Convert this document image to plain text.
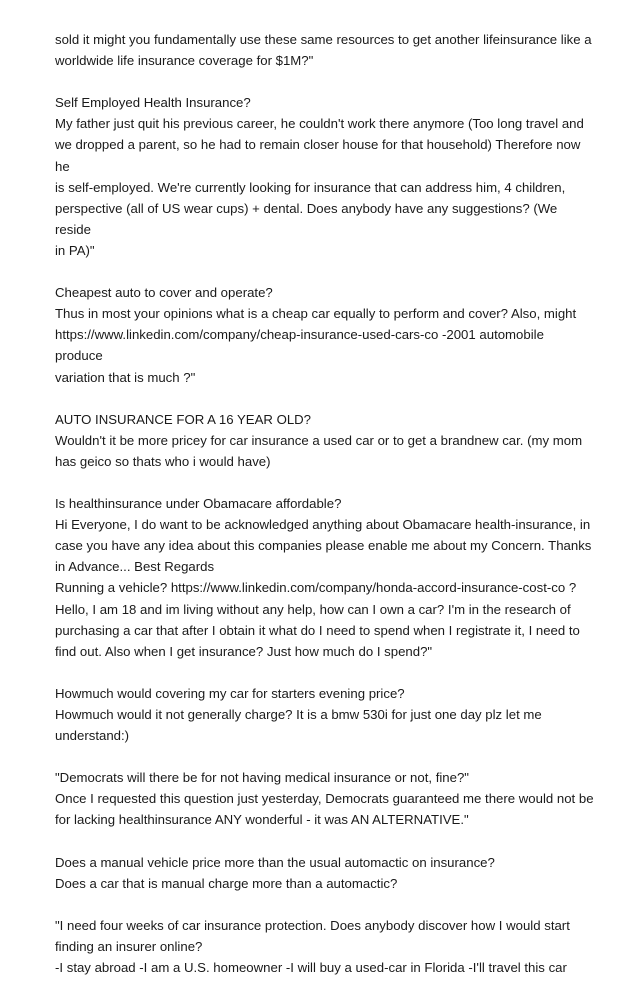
sold it might you fundamentally use these same resources to get another lifeinsurance like a

worldwide life insurance coverage for $1M?"

Self Employed Health Insurance?

My father just quit his previous career, he couldn't work there anymore (Too long travel and

we dropped a parent, so he had to remain closer house for that household) Therefore now he

is self-employed. We're currently looking for insurance that can address him, 4 children,

perspective (all of US wear cups) + dental. Does anybody have any suggestions? (We reside

in PA)"

Cheapest auto to cover and operate?

Thus in most your opinions what is a cheap car equally to perform and cover? Also, might

https://www.linkedin.com/company/cheap-insurance-used-cars-co -2001 automobile produce

variation that is much ?"

AUTO INSURANCE FOR A 16 YEAR OLD?

Wouldn't it be more pricey for car insurance a used car or to get a brandnew car. (my mom

has geico so thats who i would have)

Is healthinsurance under Obamacare affordable?

Hi Everyone, I do want to be acknowledged anything about Obamacare health-insurance, in

case you have any idea about this companies please enable me about my Concern. Thanks

in Advance... Best Regards

Running a vehicle? https://www.linkedin.com/company/honda-accord-insurance-cost-co ?

Hello, I am 18 and im living without any help, how can I own a car? I'm in the research of

purchasing a car that after I obtain it what do I need to spend when I registrate it, I need to

find out. Also when I get insurance? Just how much do I spend?"

Howmuch would covering my car for starters evening price?

Howmuch would it not generally charge? It is a bmw 530i for just one day plz let me

understand:)

"Democrats will there be for not having medical insurance or not, fine?"

Once I requested this question just yesterday, Democrats guaranteed me there would not be

for lacking healthinsurance ANY wonderful - it was AN ALTERNATIVE."

Does a manual vehicle price more than the usual automactic on insurance?

Does a car that is manual charge more than a automactic?

"I need four weeks of car insurance protection. Does anybody discover how I would start

finding an insurer online?

-I stay abroad -I am a U.S. homeowner -I will buy a used-car in Florida -I'll travel this car
